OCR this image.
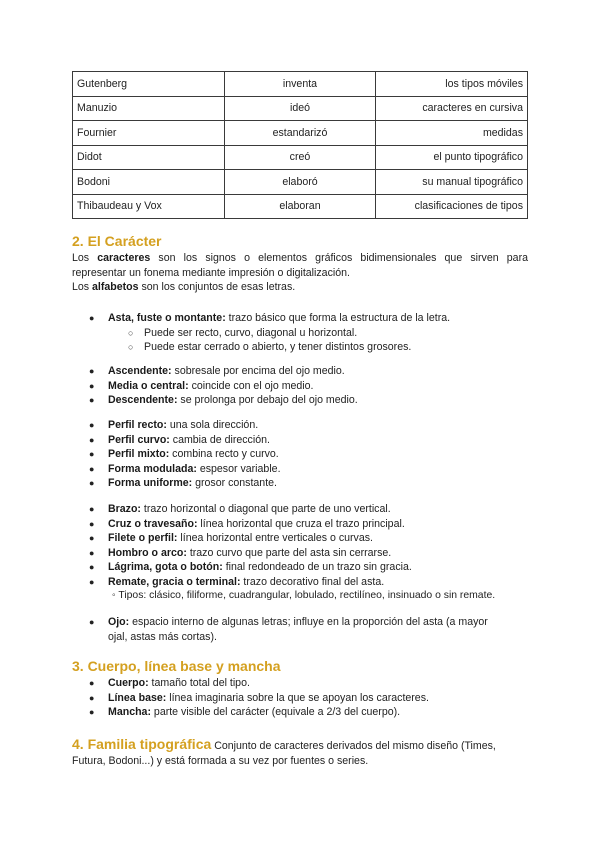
Gutenberg	inventa	los tipos móviles
Manuzio	ideó	caracteres en cursiva
Fournier	estandarizó	medidas
Didot	creó	el punto tipográfico
Bodoni	elaboró	su manual tipográfico
Thibaudeau y Vox	elaboran	clasificaciones de tipos
2. El Carácter
Los caracteres son los signos o elementos gráficos bidimensionales que sirven para
representar un fonema mediante impresión o digitalización.
Los alfabetos son los conjuntos de esas letras.
● Asta, fuste o montante: trazo básico que forma la estructura de la letra.
○ Puede ser recto, curvo, diagonal u horizontal.
○ Puede estar cerrado o abierto, y tener distintos grosores.
● Ascendente: sobresale por encima del ojo medio.
● Media o central: coincide con el ojo medio.
● Descendente: se prolonga por debajo del ojo medio.
● Perfil recto: una sola dirección.
● Perfil curvo: cambia de dirección.
● Perfil mixto: combina recto y curvo.
● Forma modulada: espesor variable.
● Forma uniforme: grosor constante.
● Brazo: trazo horizontal o diagonal que parte de uno vertical.
● Cruz o travesaño: línea horizontal que cruza el trazo principal.
● Filete o perfil: línea horizontal entre verticales o curvas.
● Hombro o arco: trazo curvo que parte del asta sin cerrarse.
● Lágrima, gota o botón: final redondeado de un trazo sin gracia.
● Remate, gracia o terminal: trazo decorativo final del asta.
◦ Tipos: clásico, filiforme, cuadrangular, lobulado, rectilíneo, insinuado o sin remate.
● Ojo: espacio interno de algunas letras; influye en la proporción del asta (a mayor
ojal, astas más cortas).
3. Cuerpo, línea base y mancha
● Cuerpo: tamaño total del tipo.
● Línea base: línea imaginaria sobre la que se apoyan los caracteres.
● Mancha: parte visible del carácter (equivale a 2/3 del cuerpo).
4. Familia tipográfica Conjunto de caracteres derivados del mismo diseño (Times,
Futura, Bodoni...) y está formada a su vez por fuentes o series.
